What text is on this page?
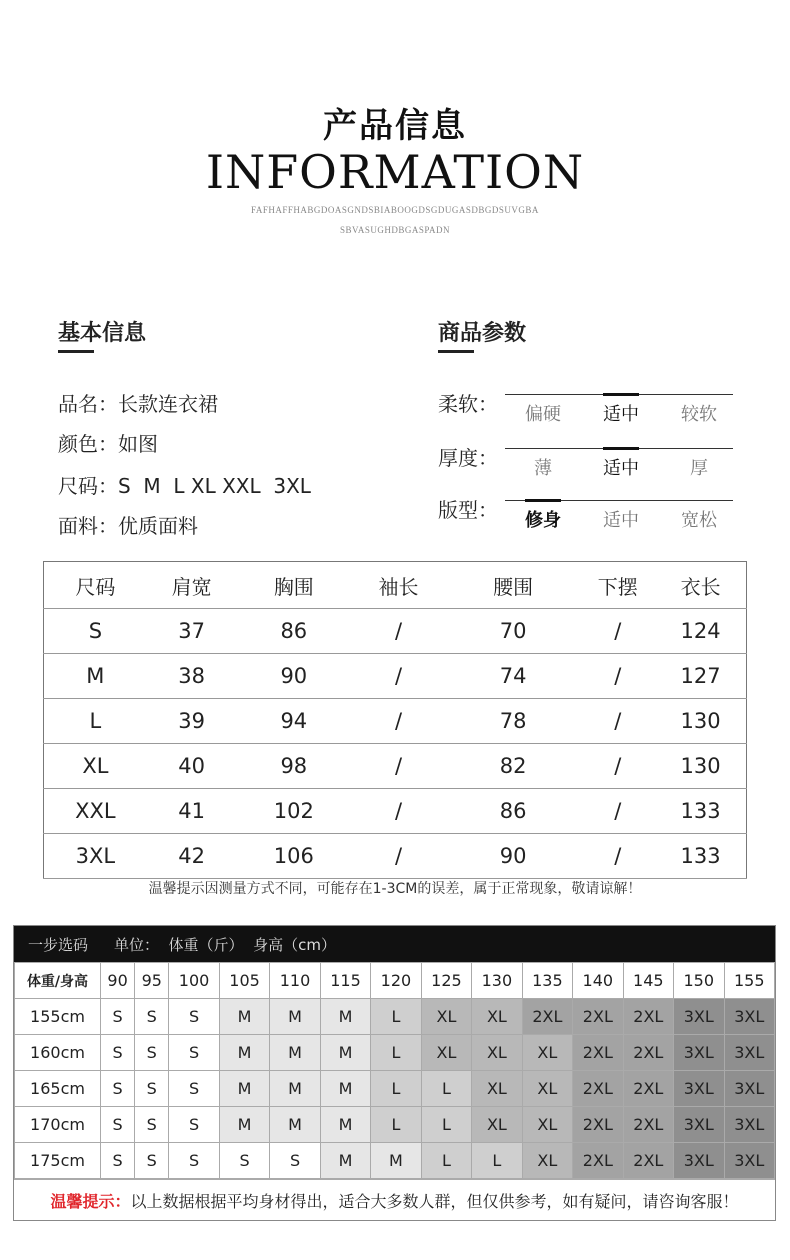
产品信息
INFORMATION
FAFHAFFHABGDOASGNDSBIABOOGDSGDUGASDBGDSUVGBA
SBVASUGHDBGASPADN
基本信息
品名：长款连衣裙
颜色：如图
尺码：S  M  L XL XXL  3XL
面料：优质面料
商品参数
柔软：	偏硬	适中	较软
厚度：	薄	适中	厚
版型：	修身	适中	宽松
尺码	肩宽	胸围	袖长	腰围	下摆	衣长
S	37	86	/	70	/	124
M	38	90	/	74	/	127
L	39	94	/	78	/	130
XL	40	98	/	82	/	130
XXL	41	102	/	86	/	133
3XL	42	106	/	90	/	133
温馨提示因测量方式不同，可能存在1-3CM的误差，属于正常现象，敬请谅解！
一步选码 单位：  体重（斤）  身高（cm）
体重/身高	90	95	100	105	110	115	120	125	130	135	140	145	150	155
155cm	S	S	S	M	M	M	L	XL	XL	2XL	2XL	2XL	3XL	3XL
160cm	S	S	S	M	M	M	L	XL	XL	XL	2XL	2XL	3XL	3XL
165cm	S	S	S	M	M	M	L	L	XL	XL	2XL	2XL	3XL	3XL
170cm	S	S	S	M	M	M	L	L	XL	XL	2XL	2XL	3XL	3XL
175cm	S	S	S	S	S	M	M	L	L	XL	2XL	2XL	3XL	3XL
温馨提示： 以上数据根据平均身材得出，适合大多数人群，但仅供参考，如有疑问，请咨询客服！
